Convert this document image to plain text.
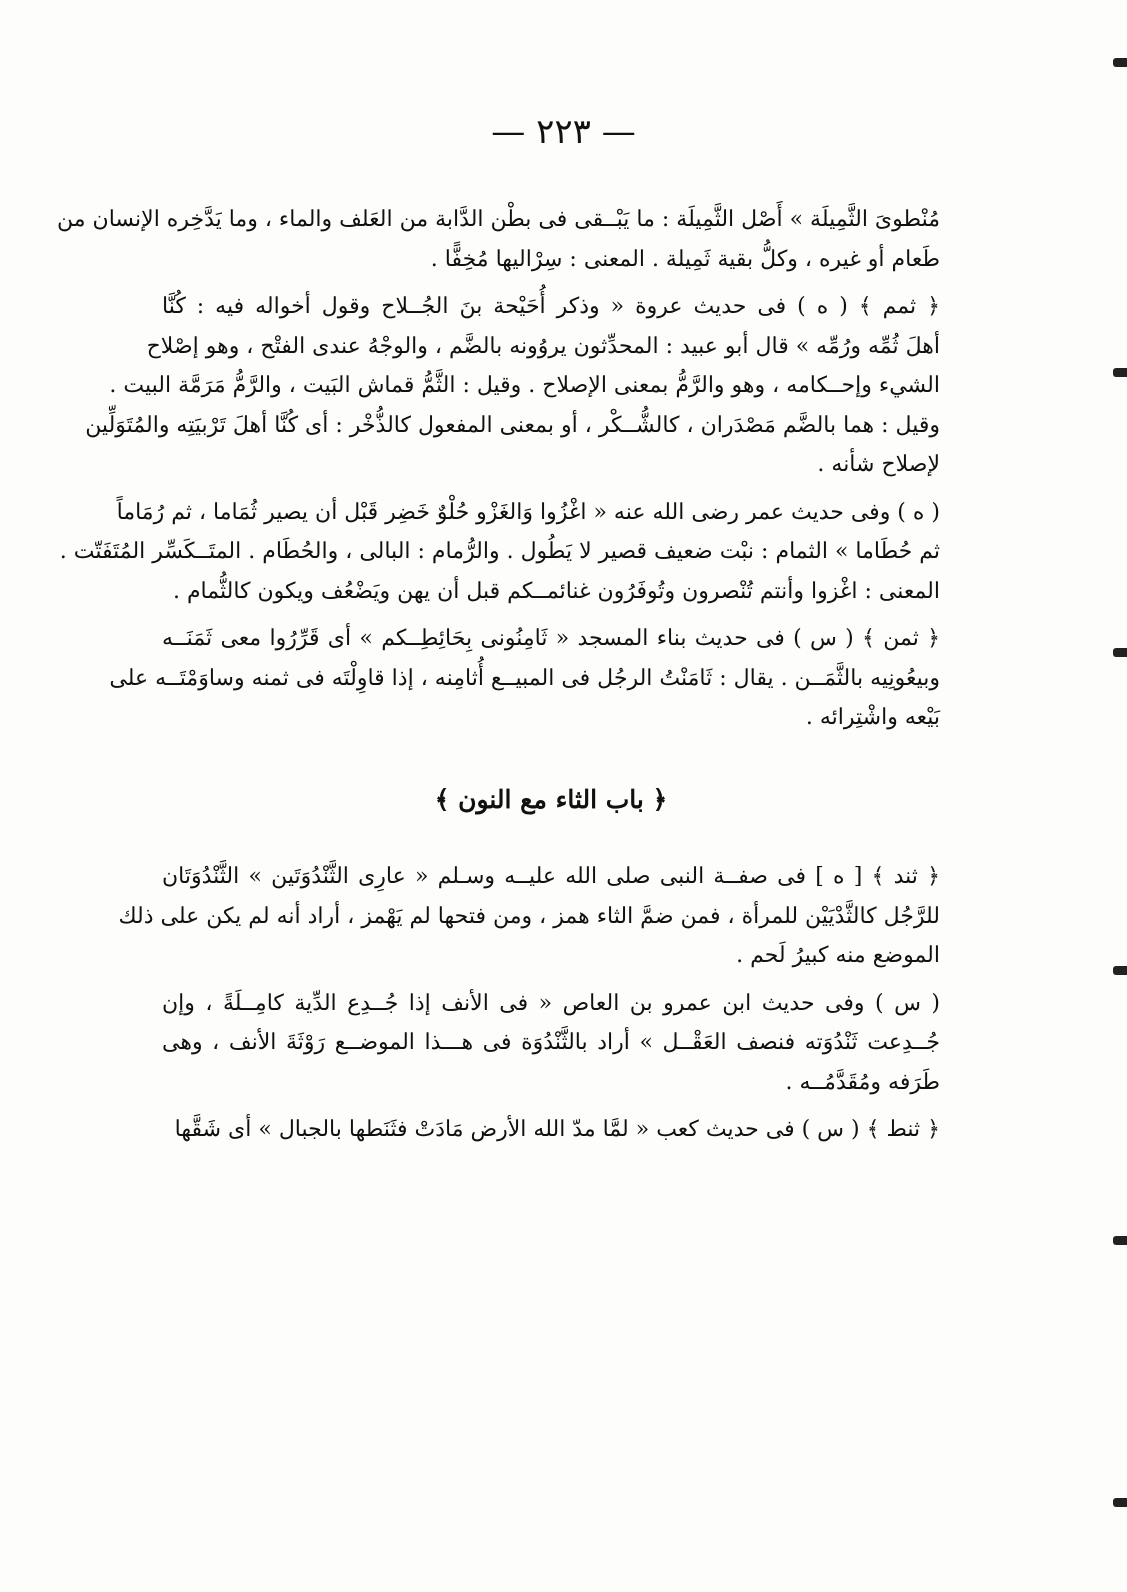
— ٢٢٣ —
مُنْطوىَ الثَّمِيلَة » أَصْل الثَّمِيلَة : ما يَبْــقى فى بطْن الدَّابة من العَلف والماء ، وما يَدَّخِره الإنسان من
طَعام أو غيره ، وكلُّ بقية ثَمِيلة . المعنى : سِرْاليها مُخِفًّا .
﴿ ثمم ﴾ ( ه ) فى حديث عروة « وذكر أُحَيْحة بنَ الجُــلاح وقول أخواله فيه : كُنَّا
أهلَ ثُمِّه ورُمِّه » قال أبو عبيد : المحدِّثون يروُونه بالضَّم ، والوجْهُ عندى الفتْح ، وهو إصْلاح
الشيء وإحــكامه ، وهو والرَّمُّ بمعنى الإصلاح . وقيل : الثَّمُّ قماش البَيت ، والرَّمُّ مَرَمَّة البيت .
وقيل : هما بالضَّم مَصْدَران ، كالشُّــكْر ، أو بمعنى المفعول كالذُّخْر : أى كُنَّا أهلَ تَرْبيَتِه والمُتَوَلِّين
لإصلاح شأنه .
( ه ) وفى حديث عمر رضى الله عنه « اغْزُوا وَالغَزْو حُلْوٌ خَضِر قَبْل أن يصير ثُمَاما ، ثم رُمَاماً
ثم حُطَاما » الثمام : نبْت ضعيف قصير لا يَطُول . والرُّمام : البالى ، والحُطَام . المتَــكَسِّر المُتَفَتّت .
المعنى : اغْزوا وأنتم تُنْصرون وتُوفَرُون غنائمــكم قبل أن يهن ويَضْعُف ويكون كالثُّمام .
﴿ ثمن ﴾ ( س ) فى حديث بناء المسجد « ثَامِنُونى بِحَائِطِــكم » أى قَرِّرُوا معى ثَمَنَــه
وبيعُونِيه بالثَّمَــن . يقال : ثَامَنْتُ الرجُل فى المبيــع أُثامِنه ، إذا قاوِلْتَه فى ثمنه وساوَمْتَــه على
بَيْعه واشْتِرائه .
﴿ باب الثاء مع النون ﴾
﴿ ثند ﴾ [ ه ] فى صفــة النبى صلى الله عليــه وسـلم « عارِى الثَّنْدُوَتَين » الثَّنْدُوَتَان
للرَّجُل كالثَّدْيَيْن للمرأة ، فمن ضمَّ الثاء همز ، ومن فتحها لم يَهْمز ، أراد أنه لم يكن على ذلك
الموضع منه كبيرُ لَحم .
( س ) وفى حديث ابن عمرو بن العاص « فى الأنف إذا جُــدِع الدِّية كامِــلَةً ، وإن
جُــدِعت ثَنْدُوَته فنصف العَقْــل » أراد بالثَّنْدُوَة فى هـــذا الموضــع رَوْثَةَ الأنف ، وهى
طَرَفه ومُقَدَّمُــه .
﴿ ثنط ﴾ ( س ) فى حديث كعب « لمَّا مدّ الله الأرض مَادَتْ فثَنَطها بالجبال » أى شَقَّها
